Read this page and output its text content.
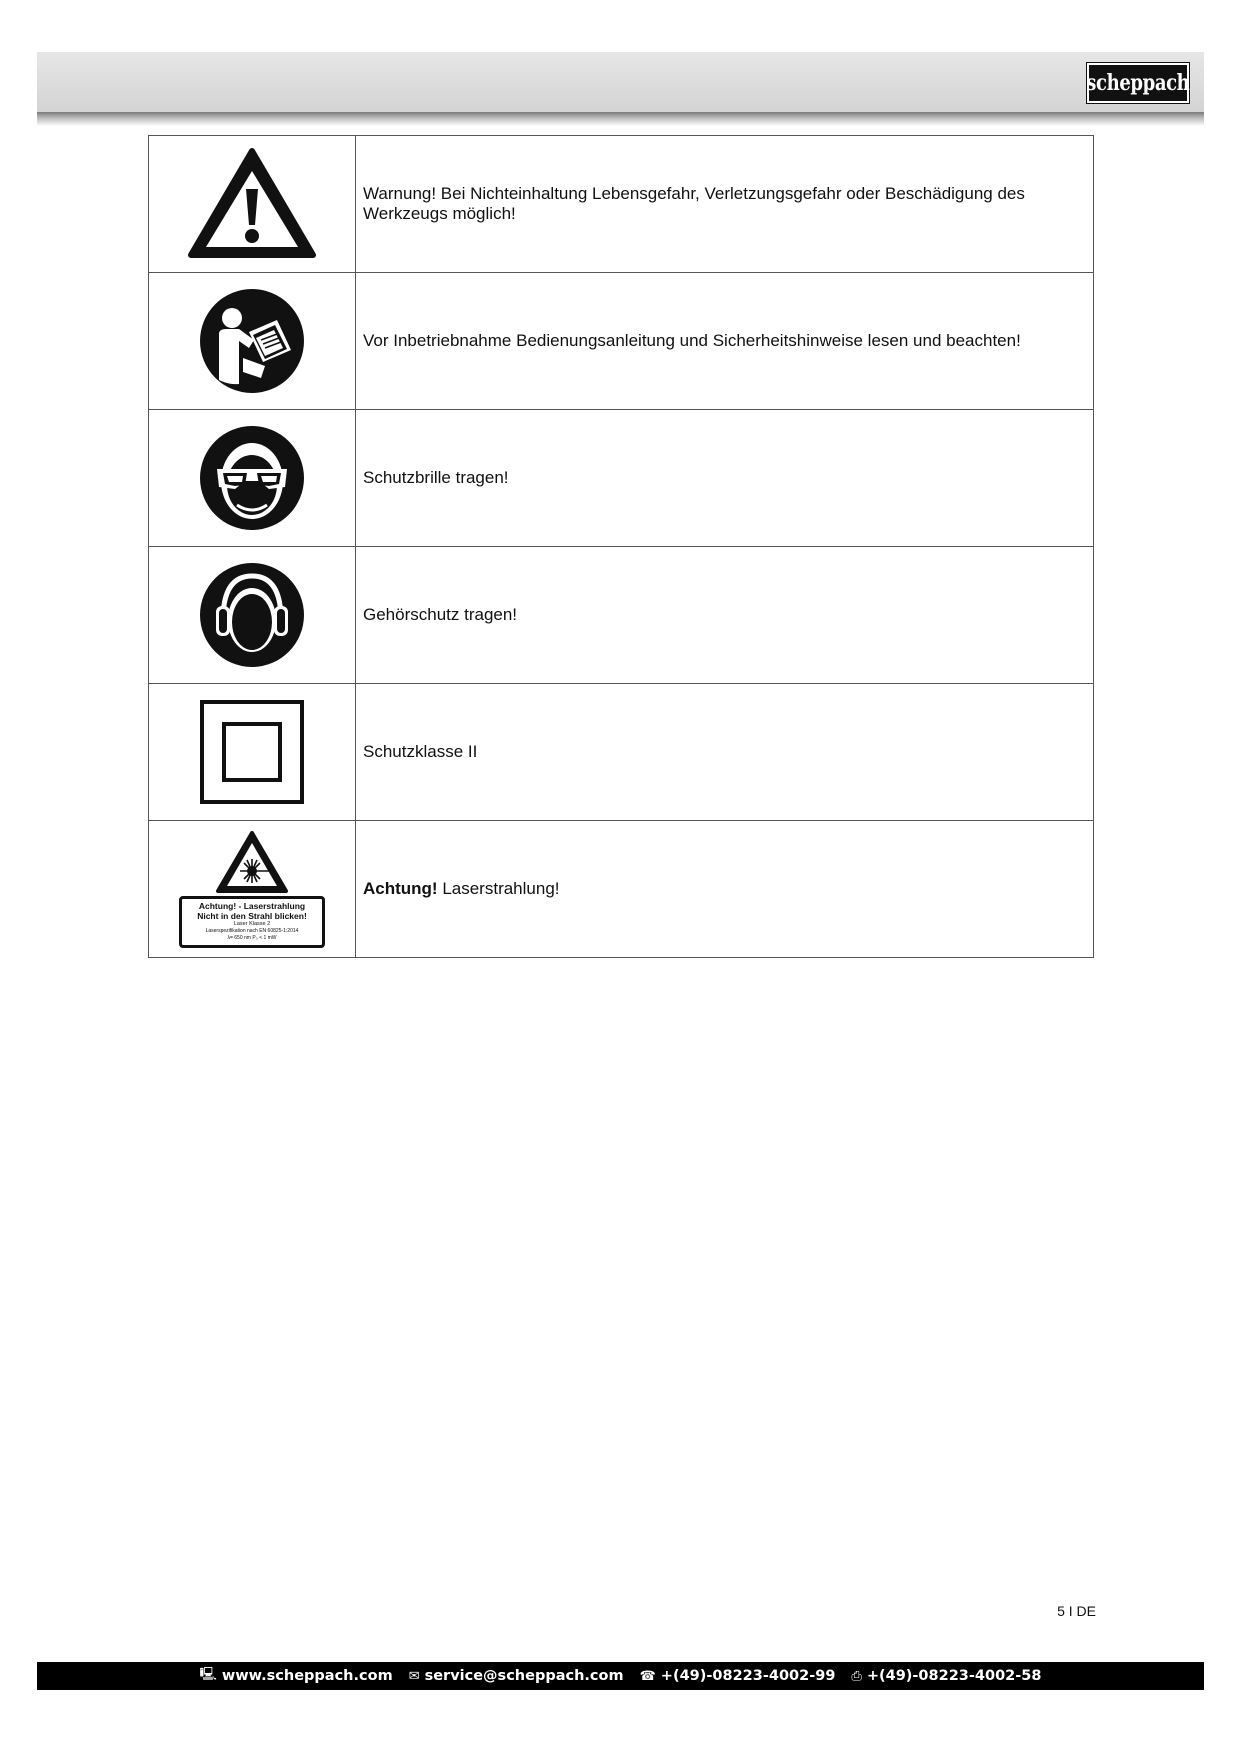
scheppach
	Warnung! Bei Nichteinhaltung Lebensgefahr, Verletzungsgefahr oder Beschädigung des Werkzeugs möglich!

	Vor Inbetriebnahme Bedienungsanleitung und Sicherheitshinweise lesen und beachten!

	Schutzbrille tragen!

	Gehörschutz tragen!

	Schutzklasse II

Achtung! - Laserstrahlung
Nicht in den Strahl blicken!
Laser Klasse 2
Laserspezifikation nach EN 60825-1:2014
λ= 650 nm P₀ < 1 mW	Achtung! Laserstrahlung!
5 I DE
🖳 www.scheppach.com ✉ service@scheppach.com ☎ +(49)-08223-4002-99 ⎙ +(49)-08223-4002-58
